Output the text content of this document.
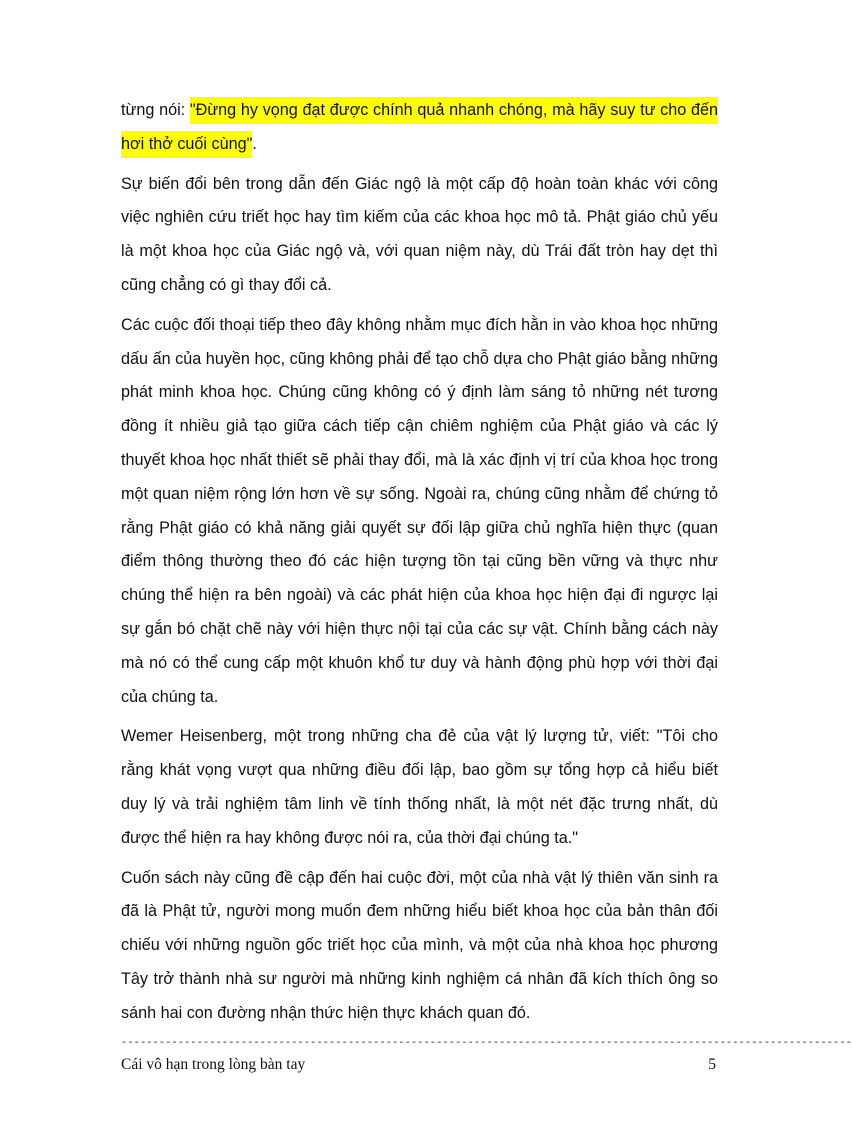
từng nói: "Đừng hy vọng đạt được chính quả nhanh chóng, mà hãy suy tư cho đến hơi thở cuối cùng".

Sự biến đổi bên trong dẫn đến Giác ngộ là một cấp độ hoàn toàn khác với công việc nghiên cứu triết học hay tìm kiếm của các khoa học mô tả. Phật giáo chủ yếu là một khoa học của Giác ngộ và, với quan niệm này, dù Trái đất tròn hay dẹt thì cũng chẳng có gì thay đổi cả.

Các cuộc đối thoại tiếp theo đây không nhằm mục đích hằn in vào khoa học những dấu ấn của huyền học, cũng không phải để tạo chỗ dựa cho Phật giáo bằng những phát minh khoa học. Chúng cũng không có ý định làm sáng tỏ những nét tương đồng ít nhiều giả tạo giữa cách tiếp cận chiêm nghiệm của Phật giáo và các lý thuyết khoa học nhất thiết sẽ phải thay đổi, mà là xác định vị trí của khoa học trong một quan niệm rộng lớn hơn về sự sống. Ngoài ra, chúng cũng nhằm để chứng tỏ rằng Phật giáo có khả năng giải quyết sự đối lập giữa chủ nghĩa hiện thực (quan điểm thông thường theo đó các hiện tượng tồn tại cũng bền vững và thực như chúng thể hiện ra bên ngoài) và các phát hiện của khoa học hiện đại đi ngược lại sự gắn bó chặt chẽ này với hiện thực nội tại của các sự vật. Chính bằng cách này mà nó có thể cung cấp một khuôn khổ tư duy và hành động phù hợp với thời đại của chúng ta.

Wemer Heisenberg, một trong những cha đẻ của vật lý lượng tử, viết: "Tôi cho rằng khát vọng vượt qua những điều đối lập, bao gồm sự tổng hợp cả hiểu biết duy lý và trải nghiệm tâm linh về tính thống nhất, là một nét đặc trưng nhất, dù được thể hiện ra hay không được nói ra, của thời đại chúng ta."

Cuốn sách này cũng đề cập đến hai cuộc đời, một của nhà vật lý thiên văn sinh ra đã là Phật tử, người mong muốn đem những hiểu biết khoa học của bản thân đối chiếu với những nguồn gốc triết học của mình, và một của nhà khoa học phương Tây trở thành nhà sư người mà những kinh nghiệm cá nhân đã kích thích ông so sánh hai con đường nhận thức hiện thực khách quan đó.

--------------------------------------------------------------------------------------------------------------------
Cái vô hạn trong lòng bàn tay	5
